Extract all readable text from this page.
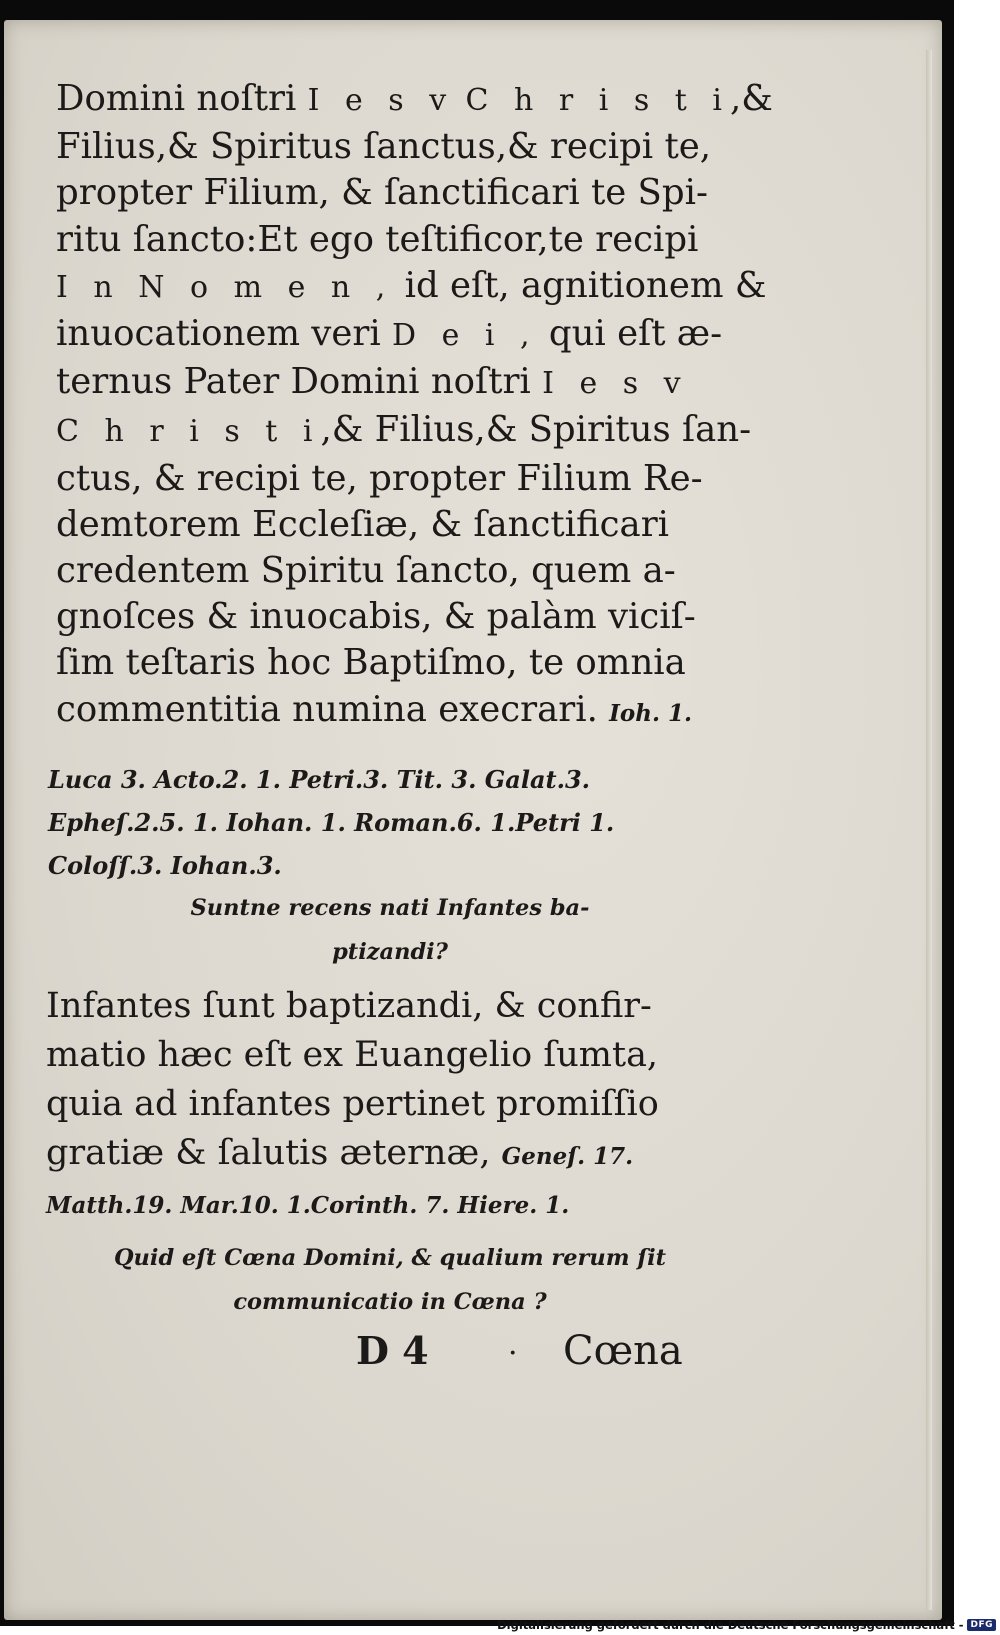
Domini noſtri I e s v C h r i s t i
Filius,& Spiritus ſanctus,& recipi te,
propter Filium, & ſanctificari te Spi-
ritu ſancto:Et ego teſtificor,te recipi
I n N o m e n , id eſt, agnitionem &
inuocationem veri D e i , qui eſt æ-
ternus Pater Domini noſtri I e s v
C h r i s t i,& Filius,& Spiritus ſan-
ctus, & recipi te, propter Filium Re-
demtorem Eccleſiæ, & ſanctificari
credentem Spiritu ſancto, quem a-
gnoſces & inuocabis, & palàm viciſ-
ſim teſtaris hoc Baptiſmo, te omnia
commentitia numina execrari. Ioh. 1.
Luca 3. Acto.2. 1. Petri.3. Tit. 3. Galat.3.
Epheſ.2.5. 1. Iohan. 1. Roman.6. 1.Petri 1.
Coloſſ.3. Iohan.3.
Suntne recens nati Infantes ba-
ptizandi?
Infantes ſunt baptizandi, & confir-
matio hæc eſt ex Euangelio ſumta,
quia ad infantes pertinet promiſſio
gratiæ & ſalutis æternæ, Geneſ. 17.
Matth.19. Mar.10. 1.Corinth. 7. Hiere. 1.
Quid eſt Cœna Domini, & qualium rerum ſit
communicatio in Cœna ?
D 4	· Cœna
Digitalisierung gefördert durch die Deutsche Forschungsgemeinschaft - DFG
